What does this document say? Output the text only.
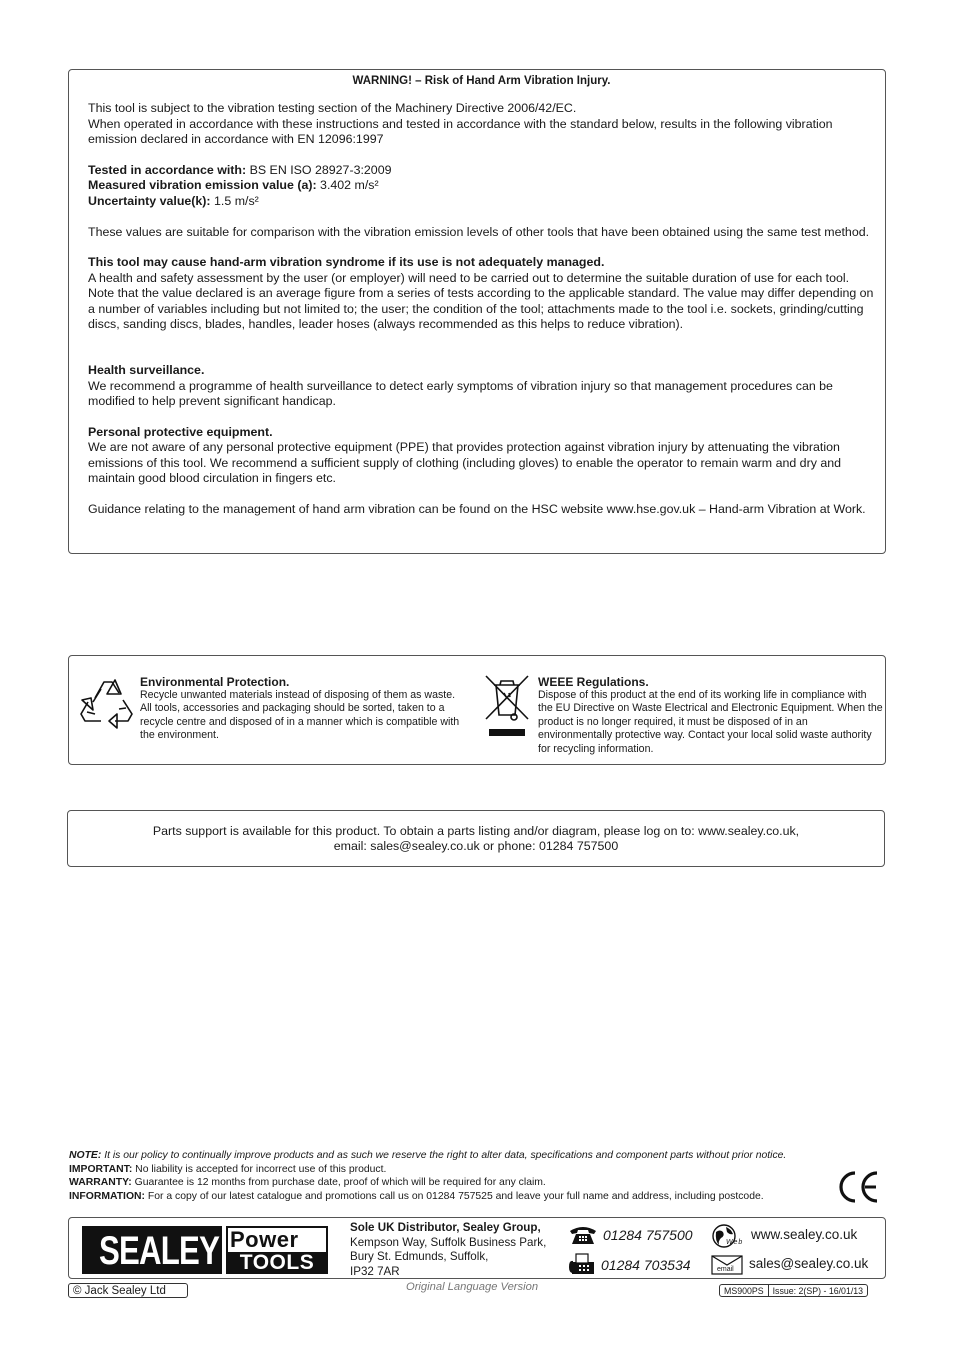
WARNING! – Risk of Hand Arm Vibration Injury.

This tool is subject to the vibration testing section of the Machinery Directive 2006/42/EC.
When operated in accordance with these instructions and tested in accordance with the standard below, results in the following vibration emission declared in accordance with EN 12096:1997

Tested in accordance with: BS EN ISO 28927-3:2009
Measured vibration emission value (a): 3.402 m/s²
Uncertainty value(k): 1.5 m/s²

These values are suitable for comparison with the vibration emission levels of other tools that have been obtained using the same test method.

This tool may cause hand-arm vibration syndrome if its use is not adequately managed.
A health and safety assessment by the user (or employer) will need to be carried out to determine the suitable duration of use for each tool. Note that the value declared is an average figure from a series of tests according to the applicable standard. The value may differ depending on a number of variables including but not limited to; the user; the condition of the tool; attachments made to the tool i.e. sockets, grinding/cutting discs, sanding discs, blades, handles, leader hoses (always recommended as this helps to reduce vibration).

Health surveillance.
We recommend a programme of health surveillance to detect early symptoms of vibration injury so that management procedures can be modified to help prevent significant handicap.

Personal protective equipment.
We are not aware of any personal protective equipment (PPE) that provides protection against vibration injury by attenuating the vibration emissions of this tool. We recommend a sufficient supply of clothing (including gloves) to enable the operator to remain warm and dry and maintain good blood circulation in fingers etc.

Guidance relating to the management of hand arm vibration can be found on the HSC website www.hse.gov.uk – Hand-arm Vibration at Work.

Environmental Protection.
Recycle unwanted materials instead of disposing of them as waste. All tools, accessories and packaging should be sorted, taken to a recycle centre and disposed of in a manner which is compatible with the environment.
WEEE Regulations.
Dispose of this product at the end of its working life in compliance with the EU Directive on Waste Electrical and Electronic Equipment. When the product is no longer required, it must be disposed of in an environmentally protective way. Contact your local solid waste authority for recycling information.
Parts support is available for this product. To obtain a parts listing and/or diagram, please log on to: www.sealey.co.uk,
email: sales@sealey.co.uk or phone: 01284 757500
NOTE: It is our policy to continually improve products and as such we reserve the right to alter data, specifications and component parts without prior notice.
IMPORTANT: No liability is accepted for incorrect use of this product.
WARRANTY: Guarantee is 12 months from purchase date, proof of which will be required for any claim.
INFORMATION: For a copy of our latest catalogue and promotions call us on 01284 757525 and leave your full name and address, including postcode.
SEALEY Power
TOOLS
Sole UK Distributor, Sealey Group,
Kempson Way, Suffolk Business Park,
Bury St. Edmunds, Suffolk,
IP32 7AR
01284 757500
01284 703534
Web
www.sealey.co.uk
email sales@sealey.co.uk
© Jack Sealey Ltd	Original Language Version	MS900PS	Issue: 2(SP) - 16/01/13
